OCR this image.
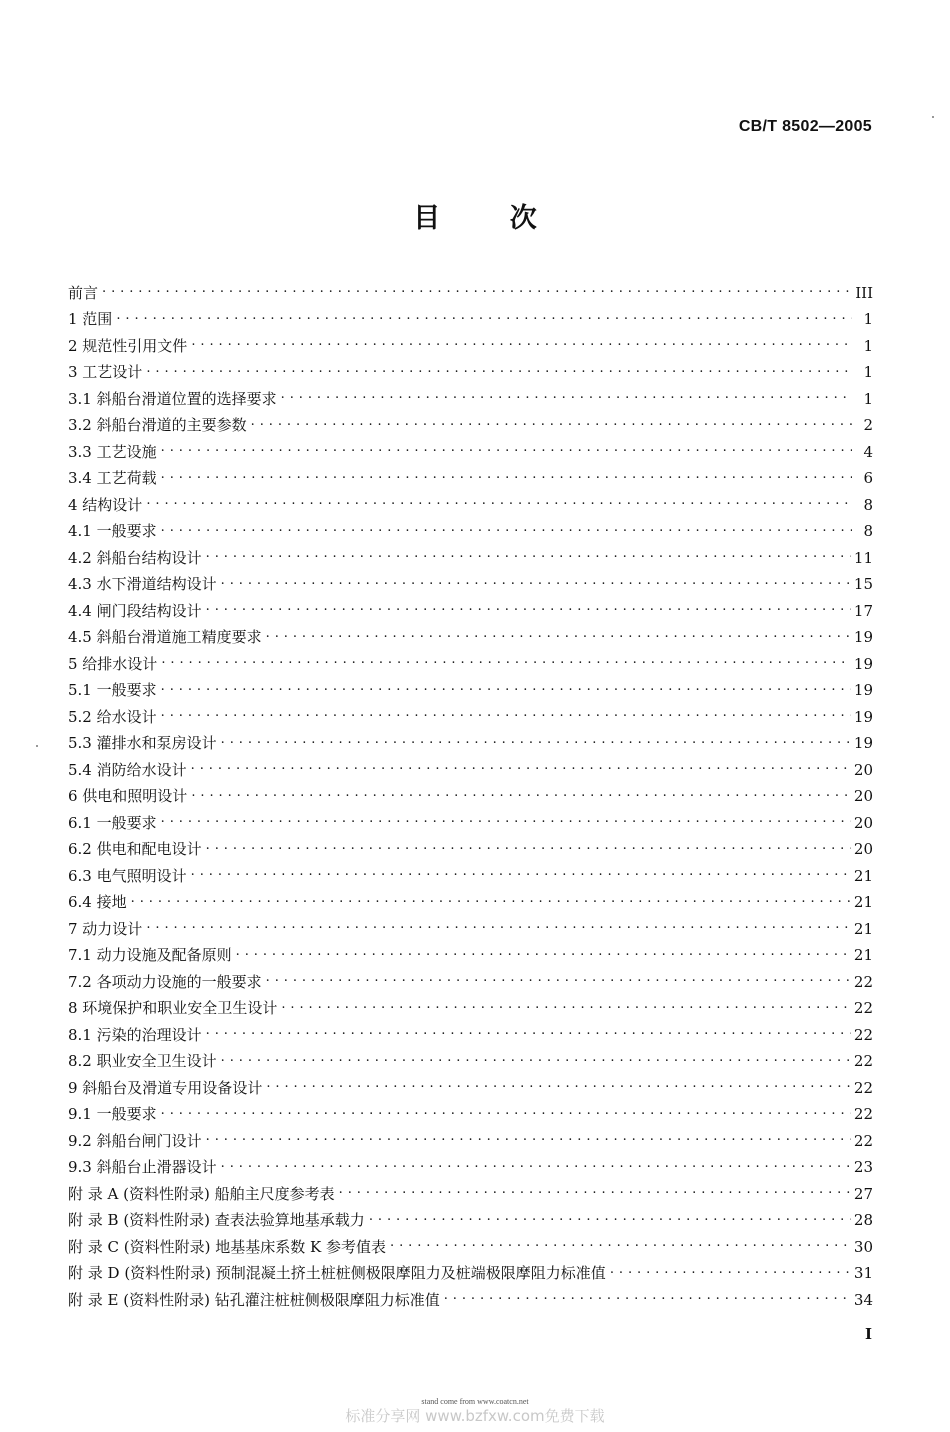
CB/T 8502—2005
目 次
前言 . . .	III
1 范围 . . .	1
2 规范性引用文件 . . .	1
3 工艺设计 . . .	1
3.1 斜船台滑道位置的选择要求 . . .	1
3.2 斜船台滑道的主要参数 . . .	2
3.3 工艺设施 . . .	4
3.4 工艺荷载 . . .	6
4 结构设计 . . .	8
4.1 一般要求 . . .	8
4.2 斜船台结构设计 . . .	11
4.3 水下滑道结构设计 . . .	15
4.4 闸门段结构设计 . . .	17
4.5 斜船台滑道施工精度要求 . . .	19
5 给排水设计 . . .	19
5.1 一般要求 . . .	19
5.2 给水设计 . . .	19
5.3 灌排水和泵房设计 . . .	19
5.4 消防给水设计 . . .	20
6 供电和照明设计 . . .	20
6.1 一般要求 . . .	20
6.2 供电和配电设计 . . .	20
6.3 电气照明设计 . . .	21
6.4 接地 . . .	21
7 动力设计 . . .	21
7.1 动力设施及配备原则 . . .	21
7.2 各项动力设施的一般要求 . . .	22
8 环境保护和职业安全卫生设计 . . .	22
8.1 污染的治理设计 . . .	22
8.2 职业安全卫生设计 . . .	22
9 斜船台及滑道专用设备设计 . . .	22
9.1 一般要求 . . .	22
9.2 斜船台闸门设计 . . .	22
9.3 斜船台止滑器设计 . . .	23
附 录 A (资料性附录) 船舶主尺度参考表 . . .	27
附 录 B (资料性附录) 查表法验算地基承载力 . . .	28
附 录 C (资料性附录) 地基基床系数 K 参考值表 . . .	30
附 录 D (资料性附录) 预制混凝土挤土桩桩侧极限摩阻力及桩端极限摩阻力标准值 . . .	31
附 录 E (资料性附录) 钻孔灌注桩桩侧极限摩阻力标准值 . . .	34
I
stand come from www.coatcn.net
标准分享网 www.bzfxw.com免费下载
